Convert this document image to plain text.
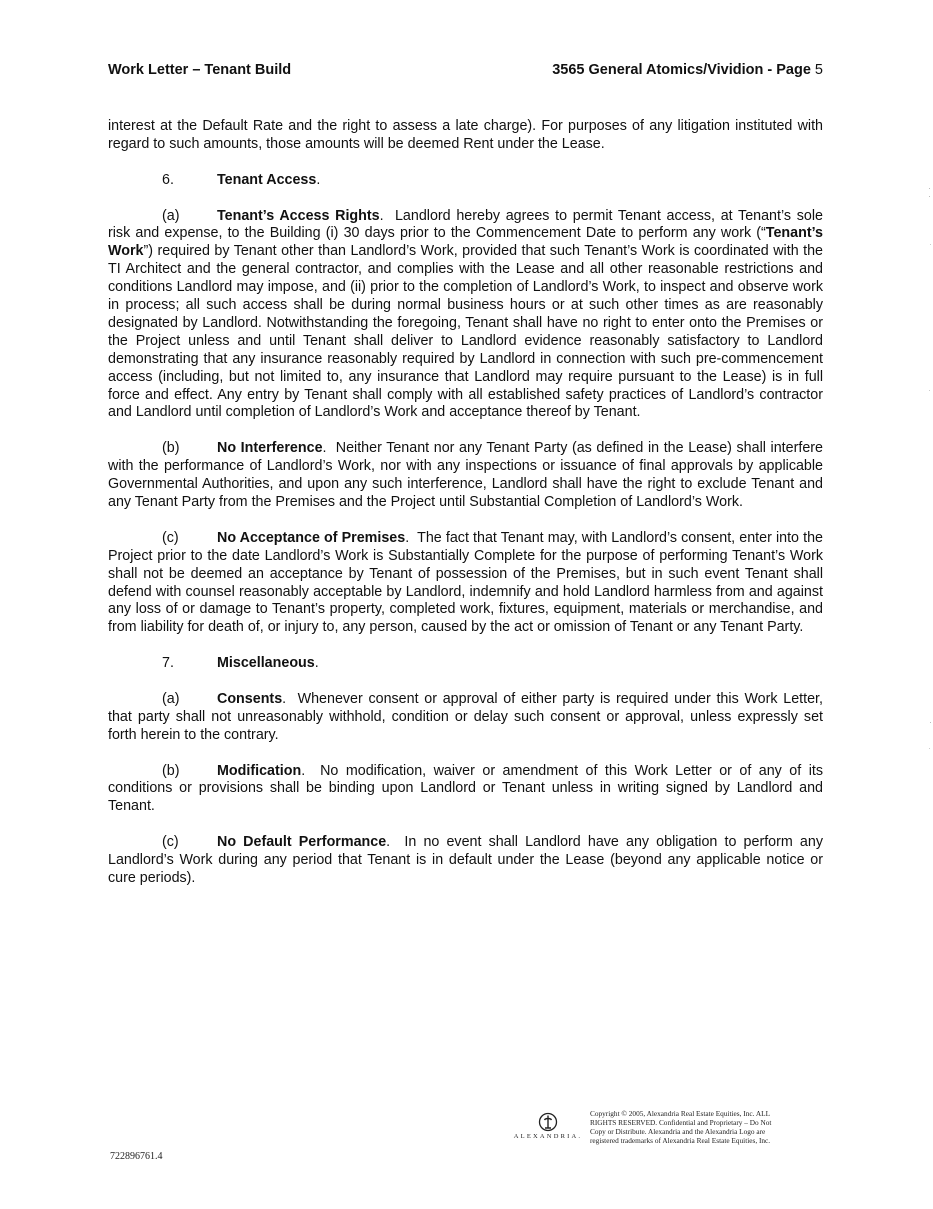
Work Letter – Tenant Build	3565 General Atomics/Vividion - Page 5

interest at the Default Rate and the right to assess a late charge). For purposes of any litigation instituted with regard to such amounts, those amounts will be deemed Rent under the Lease.

6.	Tenant Access.

(a)	Tenant’s Access Rights. Landlord hereby agrees to permit Tenant access, at Tenant’s sole risk and expense, to the Building (i) 30 days prior to the Commencement Date to perform any work (“Tenant’s Work”) required by Tenant other than Landlord’s Work, provided that such Tenant’s Work is coordinated with the TI Architect and the general contractor, and complies with the Lease and all other reasonable restrictions and conditions Landlord may impose, and (ii) prior to the completion of Landlord’s Work, to inspect and observe work in process; all such access shall be during normal business hours or at such other times as are reasonably designated by Landlord. Notwithstanding the foregoing, Tenant shall have no right to enter onto the Premises or the Project unless and until Tenant shall deliver to Landlord evidence reasonably satisfactory to Landlord demonstrating that any insurance reasonably required by Landlord in connection with such pre-commencement access (including, but not limited to, any insurance that Landlord may require pursuant to the Lease) is in full force and effect. Any entry by Tenant shall comply with all established safety practices of Landlord’s contractor and Landlord until completion of Landlord’s Work and acceptance thereof by Tenant.

(b)	No Interference. Neither Tenant nor any Tenant Party (as defined in the Lease) shall interfere with the performance of Landlord’s Work, nor with any inspections or issuance of final approvals by applicable Governmental Authorities, and upon any such interference, Landlord shall have the right to exclude Tenant and any Tenant Party from the Premises and the Project until Substantial Completion of Landlord’s Work.

(c)	No Acceptance of Premises. The fact that Tenant may, with Landlord’s consent, enter into the Project prior to the date Landlord’s Work is Substantially Complete for the purpose of performing Tenant’s Work shall not be deemed an acceptance by Tenant of possession of the Premises, but in such event Tenant shall defend with counsel reasonably acceptable by Landlord, indemnify and hold Landlord harmless from and against any loss of or damage to Tenant’s property, completed work, fixtures, equipment, materials or merchandise, and from liability for death of, or injury to, any person, caused by the act or omission of Tenant or any Tenant Party.

7.	Miscellaneous.

(a)	Consents. Whenever consent or approval of either party is required under this Work Letter, that party shall not unreasonably withhold, condition or delay such consent or approval, unless expressly set forth herein to the contrary.

(b)	Modification. No modification, waiver or amendment of this Work Letter or of any of its conditions or provisions shall be binding upon Landlord or Tenant unless in writing signed by Landlord and Tenant.

(c)	No Default Performance. In no event shall Landlord have any obligation to perform any Landlord’s Work during any period that Tenant is in default under the Lease (beyond any applicable notice or cure periods).

ALEXANDRIA.
Copyright © 2005, Alexandria Real Estate Equities, Inc. ALL
RIGHTS RESERVED. Confidential and Proprietary – Do Not
Copy or Distribute. Alexandria and the Alexandria Logo are
registered trademarks of Alexandria Real Estate Equities, Inc.
722896761.4
